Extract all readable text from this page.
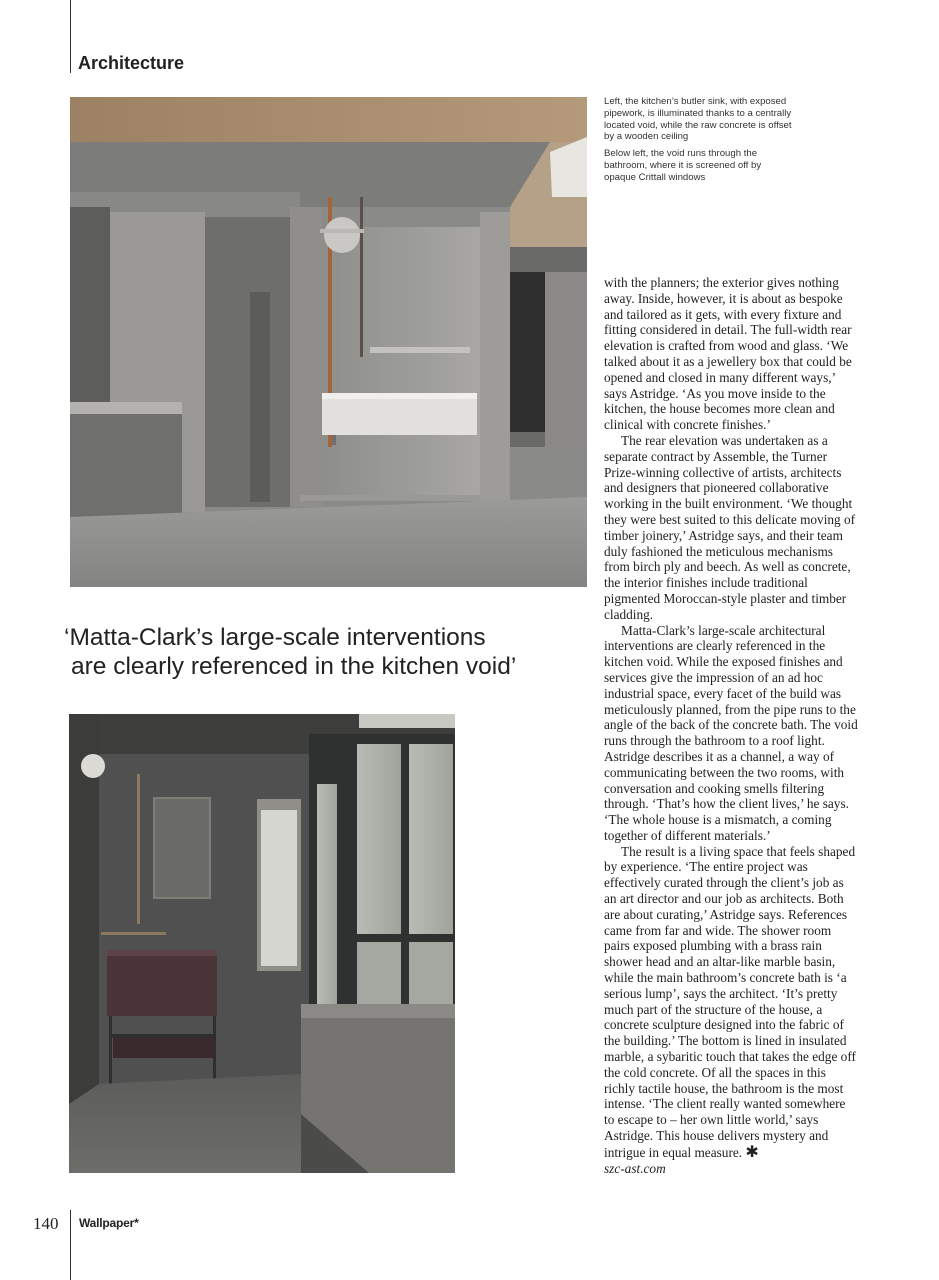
Architecture

Left, the kitchen’s butler sink, with exposed pipework, is illuminated thanks to a centrally located void, while the raw concrete is offset by a wooden ceiling

Below left, the void runs through the bathroom, where it is screened off by opaque Crittall windows

‘Matta-Clark’s large-scale interventions
are clearly referenced in the kitchen void’

with the planners; the exterior gives nothing away. Inside, however, it is about as bespoke and tailored as it gets, with every fixture and fitting considered in detail. The full-width rear elevation is crafted from wood and glass. ‘We talked about it as a jewellery box that could be opened and closed in many different ways,’ says Astridge. ‘As you move inside to the kitchen, the house becomes more clean and clinical with concrete finishes.’

The rear elevation was undertaken as a separate contract by Assemble, the Turner Prize-winning collective of artists, architects and designers that pioneered collaborative working in the built environment. ‘We thought they were best suited to this delicate moving of timber joinery,’ Astridge says, and their team duly fashioned the meticulous mechanisms from birch ply and beech. As well as concrete, the interior finishes include traditional pigmented Moroccan-style plaster and timber cladding.

Matta-Clark’s large-scale architectural interventions are clearly referenced in the kitchen void. While the exposed finishes and services give the impression of an ad hoc industrial space, every facet of the build was meticulously planned, from the pipe runs to the angle of the back of the concrete bath. The void runs through the bathroom to a roof light. Astridge describes it as a channel, a way of communicating between the two rooms, with conversation and cooking smells filtering through. ‘That’s how the client lives,’ he says. ‘The whole house is a mismatch, a coming together of different materials.’

The result is a living space that feels shaped by experience. ‘The entire project was effectively curated through the client’s job as an art director and our job as architects. Both are about curating,’ Astridge says. References came from far and wide. The shower room pairs exposed plumbing with a brass rain shower head and an altar-like marble basin, while the main bathroom’s concrete bath is ‘a serious lump’, says the architect. ‘It’s pretty much part of the structure of the house, a concrete sculpture designed into the fabric of the building.’ The bottom is lined in insulated marble, a sybaritic touch that takes the edge off the cold concrete. Of all the spaces in this richly tactile house, the bathroom is the most intense. ‘The client really wanted somewhere to escape to – her own little world,’ says Astridge. This house delivers mystery and intrigue in equal measure. ✱

szc-ast.com
140 Wallpaper*
